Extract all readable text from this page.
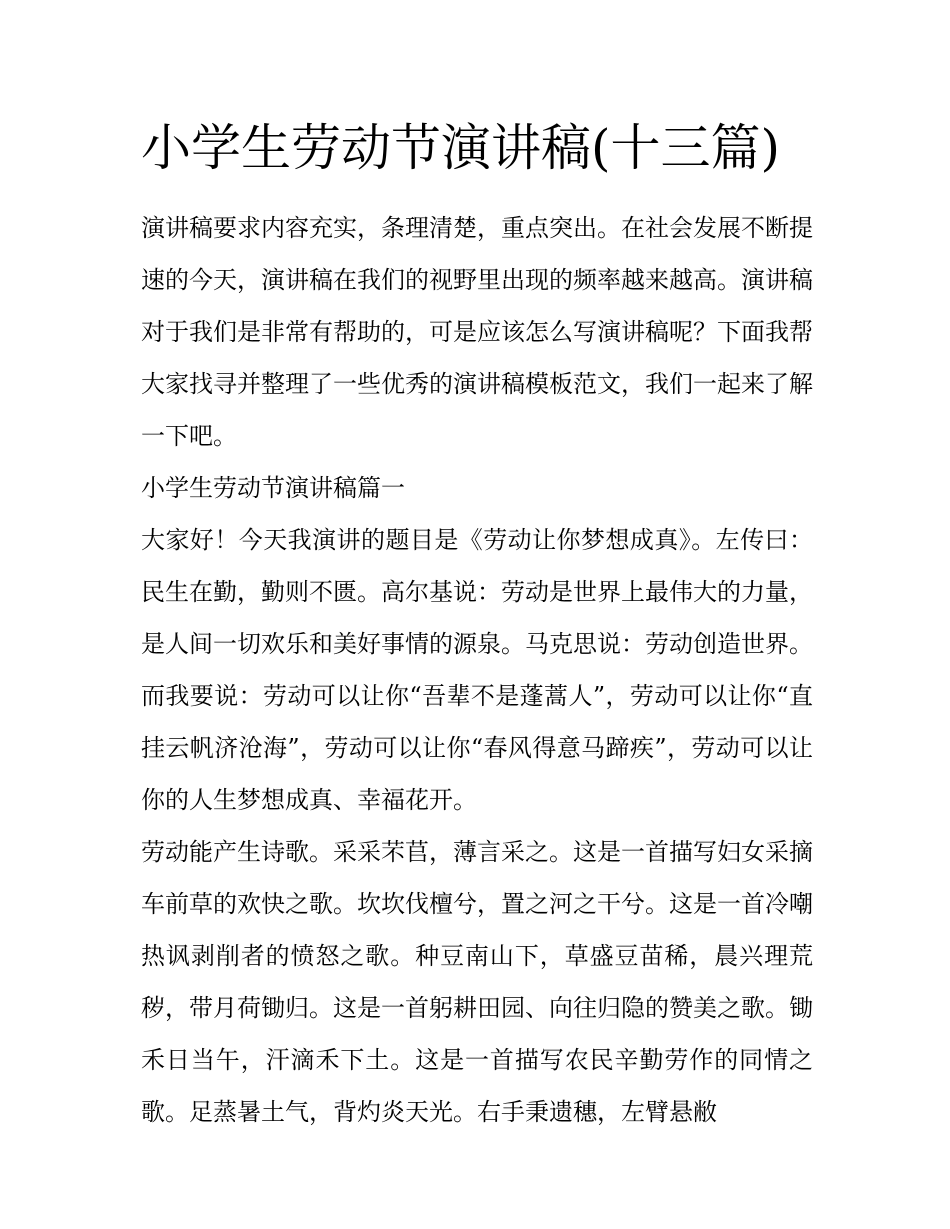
小学生劳动节演讲稿(十三篇)

演讲稿要求内容充实，条理清楚，重点突出。在社会发展不断提速的今天，演讲稿在我们的视野里出现的频率越来越高。演讲稿对于我们是非常有帮助的，可是应该怎么写演讲稿呢？下面我帮大家找寻并整理了一些优秀的演讲稿模板范文，我们一起来了解一下吧。

小学生劳动节演讲稿篇一

大家好！今天我演讲的题目是《劳动让你梦想成真》。左传曰：民生在勤，勤则不匮。高尔基说：劳动是世界上最伟大的力量，是人间一切欢乐和美好事情的源泉。马克思说：劳动创造世界。而我要说：劳动可以让你“吾辈不是蓬蒿人”，劳动可以让你“直挂云帆济沧海”，劳动可以让你“春风得意马蹄疾”，劳动可以让你的人生梦想成真、幸福花开。

劳动能产生诗歌。采采芣苢，薄言采之。这是一首描写妇女采摘车前草的欢快之歌。坎坎伐檀兮，置之河之干兮。这是一首冷嘲热讽剥削者的愤怒之歌。种豆南山下，草盛豆苗稀，晨兴理荒秽，带月荷锄归。这是一首躬耕田园、向往归隐的赞美之歌。锄禾日当午，汗滴禾下土。这是一首描写农民辛勤劳作的同情之歌。足蒸暑土气，背灼炎天光。右手秉遗穗，左臂悬敝
